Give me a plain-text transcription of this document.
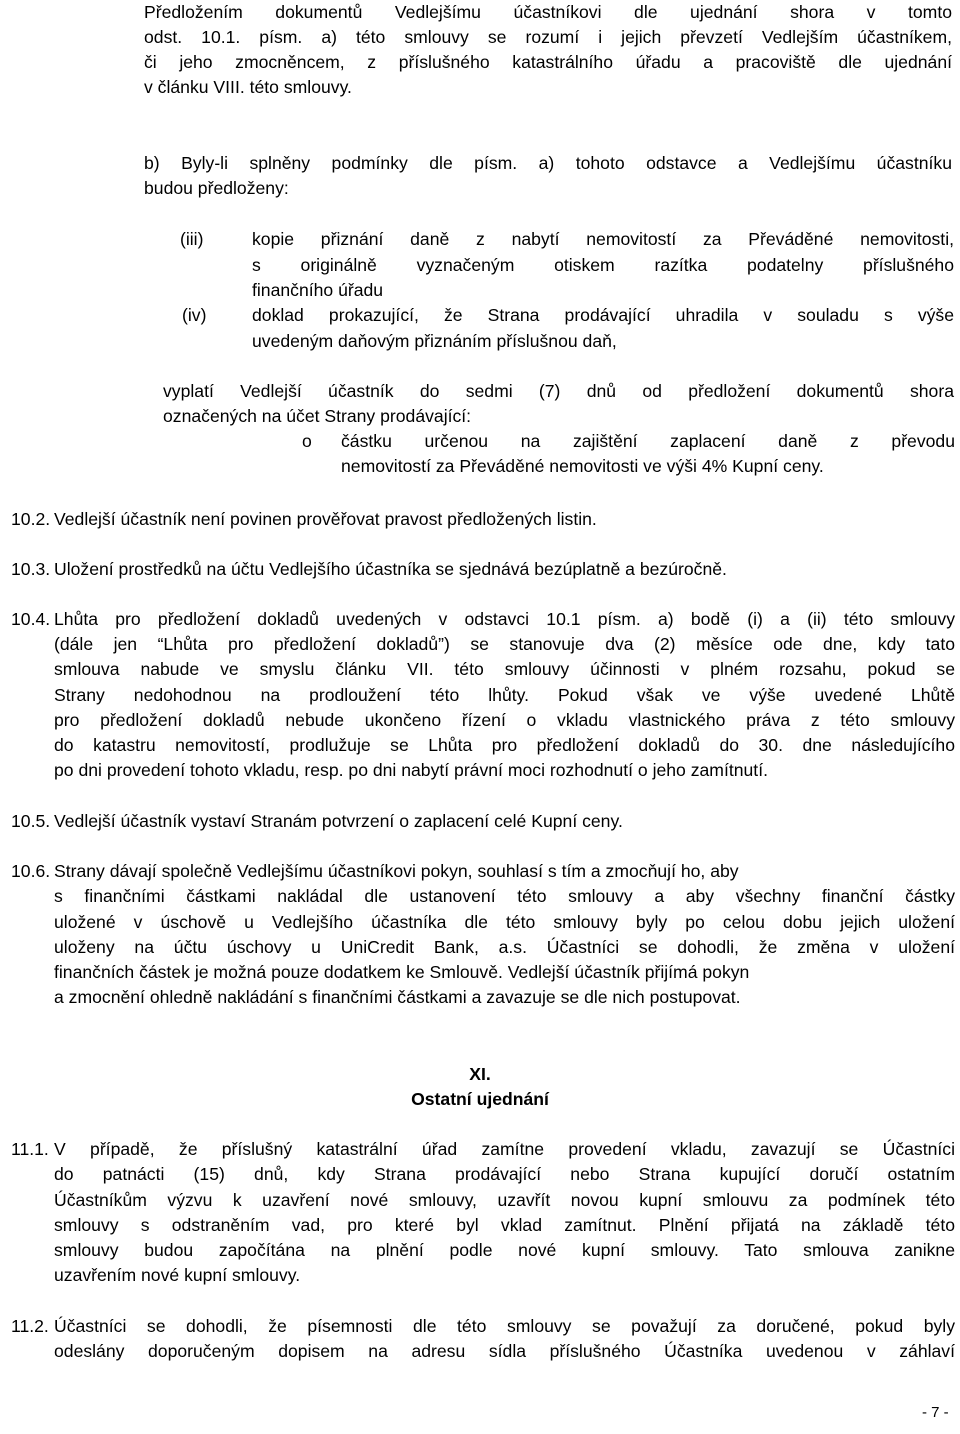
Předložením dokumentů Vedlejšímu účastníkovi dle ujednání shora v tomto
odst. 10.1. písm. a) této smlouvy se rozumí i jejich převzetí Vedlejším účastníkem,
či jeho zmocněncem, z příslušného katastrálního úřadu a pracoviště dle ujednání
v článku VIII. této smlouvy.
b) Byly-li splněny podmínky dle písm. a) tohoto odstavce a Vedlejšímu účastníku
budou předloženy:
(iii)	kopie přiznání daně z nabytí nemovitostí za Převáděné nemovitosti,
s originálně vyznačeným otiskem razítka podatelny příslušného
finančního úřadu
(iv)	doklad prokazující, že Strana prodávající uhradila v souladu s výše
uvedeným daňovým přiznáním příslušnou daň,
vyplatí Vedlejší účastník do sedmi (7) dnů od předložení dokumentů shora
označených na účet Strany prodávající:
o částku určenou na zajištění zaplacení daně z převodu
nemovitostí za Převáděné nemovitosti ve výši 4% Kupní ceny.
10.2. Vedlejší účastník není povinen prověřovat pravost předložených listin.
10.3. Uložení prostředků na účtu Vedlejšího účastníka se sjednává bezúplatně a bezúročně.
10.4. Lhůta pro předložení dokladů uvedených v odstavci 10.1 písm. a) bodě (i) a (ii) této smlouvy
(dále jen “Lhůta pro předložení dokladů”) se stanovuje dva (2) měsíce ode dne, kdy tato
smlouva nabude ve smyslu článku VII. této smlouvy účinnosti v plném rozsahu, pokud se
Strany nedohodnou na prodloužení této lhůty. Pokud však ve výše uvedené Lhůtě
pro předložení dokladů nebude ukončeno řízení o vkladu vlastnického práva z této smlouvy
do katastru nemovitostí, prodlužuje se Lhůta pro předložení dokladů do 30. dne následujícího
po dni provedení tohoto vkladu, resp. po dni nabytí právní moci rozhodnutí o jeho zamítnutí.
10.5. Vedlejší účastník vystaví Stranám potvrzení o zaplacení celé Kupní ceny.
10.6. Strany dávají společně Vedlejšímu účastníkovi pokyn, souhlasí s tím a zmocňují ho, aby
s finančními částkami nakládal dle ustanovení této smlouvy a aby všechny finanční částky
uložené v úschově u Vedlejšího účastníka dle této smlouvy byly po celou dobu jejich uložení
uloženy na účtu úschovy u UniCredit Bank, a.s. Účastníci se dohodli, že změna v uložení
finančních částek je možná pouze dodatkem ke Smlouvě. Vedlejší účastník přijímá pokyn
a zmocnění ohledně nakládání s finančními částkami a zavazuje se dle nich postupovat.
XI.
Ostatní ujednání
11.1. V případě, že příslušný katastrální úřad zamítne provedení vkladu, zavazují se Účastníci
do patnácti (15) dnů, kdy Strana prodávající nebo Strana kupující doručí ostatním
Účastníkům výzvu k uzavření nové smlouvy, uzavřít novou kupní smlouvu za podmínek této
smlouvy s odstraněním vad, pro které byl vklad zamítnut. Plnění přijatá na základě této
smlouvy budou započítána na plnění podle nové kupní smlouvy. Tato smlouva zanikne
uzavřením nové kupní smlouvy.
11.2. Účastníci se dohodli, že písemnosti dle této smlouvy se považují za doručené, pokud byly
odeslány doporučeným dopisem na adresu sídla příslušného Účastníka uvedenou v záhlaví
- 7 -
